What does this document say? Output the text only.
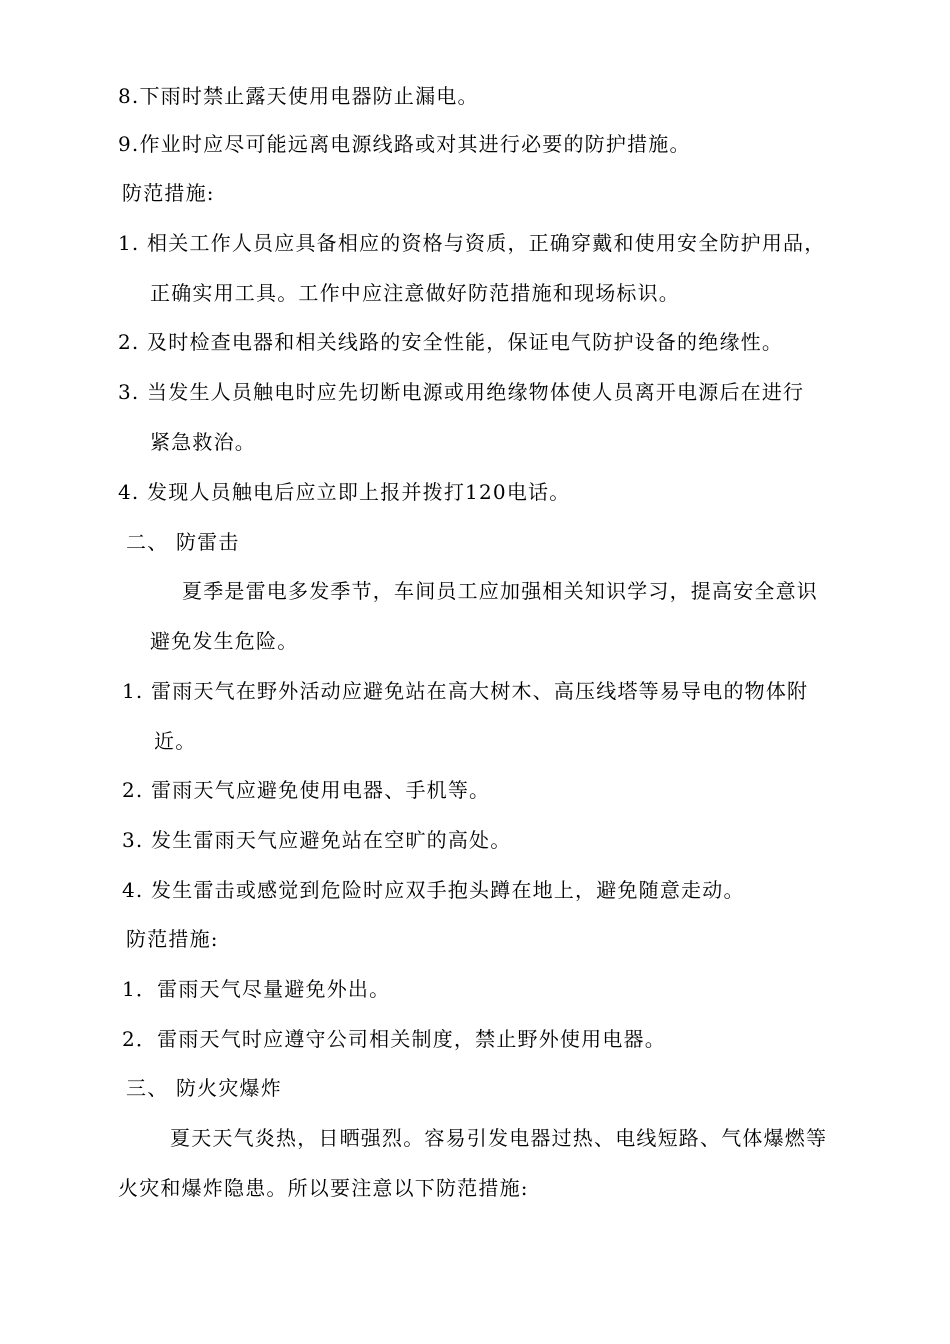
8.下雨时禁止露天使用电器防止漏电。
9.作业时应尽可能远离电源线路或对其进行必要的防护措施。
防范措施:
1. 相关工作人员应具备相应的资格与资质，正确穿戴和使用安全防护用品，
正确实用工具。工作中应注意做好防范措施和现场标识。
2. 及时检查电器和相关线路的安全性能，保证电气防护设备的绝缘性。
3. 当发生人员触电时应先切断电源或用绝缘物体使人员离开电源后在进行
紧急救治。
4. 发现人员触电后应立即上报并拨打120电话。
二、 防雷击
夏季是雷电多发季节，车间员工应加强相关知识学习，提高安全意识
避免发生危险。
1. 雷雨天气在野外活动应避免站在高大树木、高压线塔等易导电的物体附
近。
2. 雷雨天气应避免使用电器、手机等。
3. 发生雷雨天气应避免站在空旷的高处。
4. 发生雷击或感觉到危险时应双手抱头蹲在地上，避免随意走动。
防范措施:
1．雷雨天气尽量避免外出。
2．雷雨天气时应遵守公司相关制度，禁止野外使用电器。
三、 防火灾爆炸
夏天天气炎热，日晒强烈。容易引发电器过热、电线短路、气体爆燃等
火灾和爆炸隐患。所以要注意以下防范措施:
